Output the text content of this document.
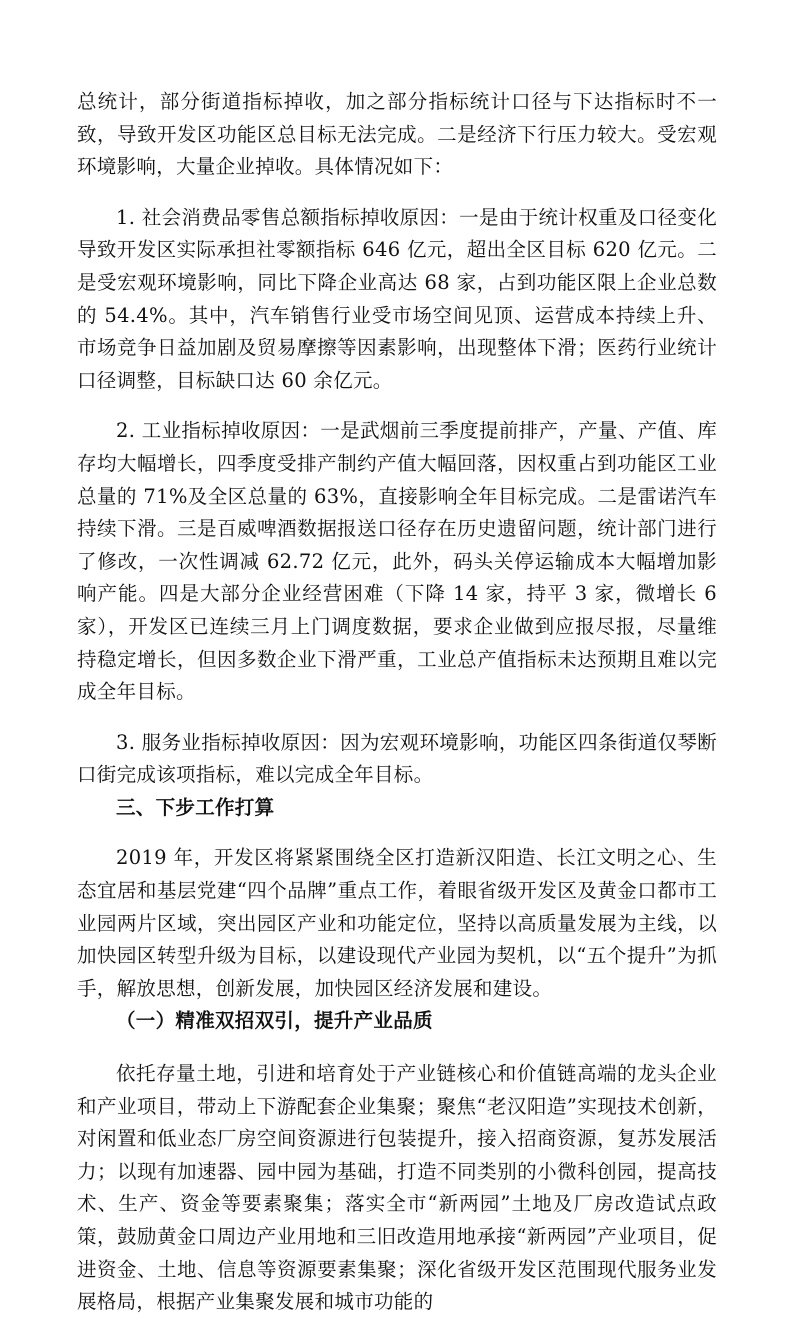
总统计，部分街道指标掉收，加之部分指标统计口径与下达指标时不一致，导致开发区功能区总目标无法完成。二是经济下行压力较大。受宏观环境影响，大量企业掉收。具体情况如下：

1. 社会消费品零售总额指标掉收原因：一是由于统计权重及口径变化导致开发区实际承担社零额指标 646 亿元，超出全区目标 620 亿元。二是受宏观环境影响，同比下降企业高达 68 家，占到功能区限上企业总数的 54.4%。其中，汽车销售行业受市场空间见顶、运营成本持续上升、市场竞争日益加剧及贸易摩擦等因素影响，出现整体下滑；医药行业统计口径调整，目标缺口达 60 余亿元。

2. 工业指标掉收原因：一是武烟前三季度提前排产，产量、产值、库存均大幅增长，四季度受排产制约产值大幅回落，因权重占到功能区工业总量的 71%及全区总量的 63%，直接影响全年目标完成。二是雷诺汽车持续下滑。三是百威啤酒数据报送口径存在历史遗留问题，统计部门进行了修改，一次性调减 62.72 亿元，此外，码头关停运输成本大幅增加影响产能。四是大部分企业经营困难（下降 14 家，持平 3 家，微增长 6 家），开发区已连续三月上门调度数据，要求企业做到应报尽报，尽量维持稳定增长，但因多数企业下滑严重，工业总产值指标未达预期且难以完成全年目标。

3. 服务业指标掉收原因：因为宏观环境影响，功能区四条街道仅琴断口街完成该项指标，难以完成全年目标。

三、下步工作打算

2019 年，开发区将紧紧围绕全区打造新汉阳造、长江文明之心、生态宜居和基层党建“四个品牌”重点工作，着眼省级开发区及黄金口都市工业园两片区域，突出园区产业和功能定位，坚持以高质量发展为主线，以加快园区转型升级为目标，以建设现代产业园为契机，以“五个提升”为抓手，解放思想，创新发展，加快园区经济发展和建设。

（一）精准双招双引，提升产业品质

依托存量土地，引进和培育处于产业链核心和价值链高端的龙头企业和产业项目，带动上下游配套企业集聚；聚焦“老汉阳造”实现技术创新，对闲置和低业态厂房空间资源进行包装提升，接入招商资源，复苏发展活力；以现有加速器、园中园为基础，打造不同类别的小微科创园，提高技术、生产、资金等要素聚集；落实全市“新两园”土地及厂房改造试点政策，鼓励黄金口周边产业用地和三旧改造用地承接“新两园”产业项目，促进资金、土地、信息等资源要素集聚；深化省级开发区范围现代服务业发展格局，根据产业集聚发展和城市功能的
